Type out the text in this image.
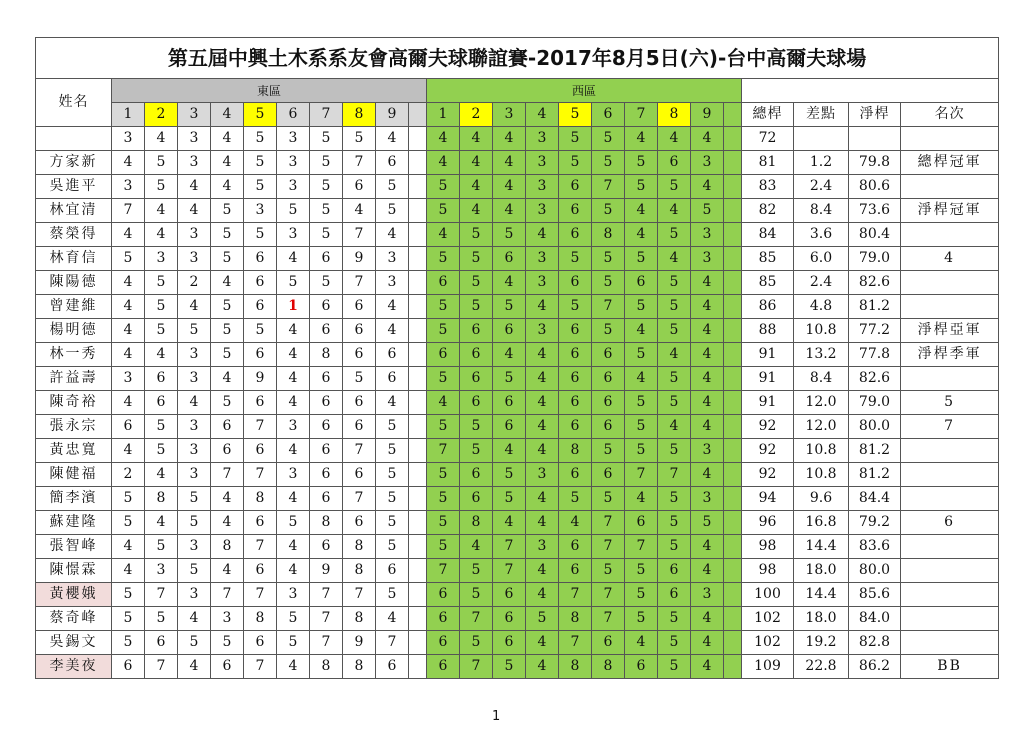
第五屆中興土木系系友會高爾夫球聯誼賽-2017年8月5日(六)-台中高爾夫球場																								
姓名	東區										西區													
	1	2	3	4	5	6	7	8	9		1	2	3	4	5	6	7	8	9		總桿	差點	淨桿	名次
	3	4	3	4	5	3	5	5	4		4	4	4	3	5	5	4	4	4		72			
方家新	4	5	3	4	5	3	5	7	6		4	4	4	3	5	5	5	6	3		81	1.2	79.8	總桿冠軍
吳進平	3	5	4	4	5	3	5	6	5		5	4	4	3	6	7	5	5	4		83	2.4	80.6	
林宜清	7	4	4	5	3	5	5	4	5		5	4	4	3	6	5	4	4	5		82	8.4	73.6	淨桿冠軍
蔡榮得	4	4	3	5	5	3	5	7	4		4	5	5	4	6	8	4	5	3		84	3.6	80.4	
林育信	5	3	3	5	6	4	6	9	3		5	5	6	3	5	5	5	4	3		85	6.0	79.0	4
陳陽德	4	5	2	4	6	5	5	7	3		6	5	4	3	6	5	6	5	4		85	2.4	82.6	
曾建維	4	5	4	5	6	1	6	6	4		5	5	5	4	5	7	5	5	4		86	4.8	81.2	
楊明德	4	5	5	5	5	4	6	6	4		5	6	6	3	6	5	4	5	4		88	10.8	77.2	淨桿亞軍
林一秀	4	4	3	5	6	4	8	6	6		6	6	4	4	6	6	5	4	4		91	13.2	77.8	淨桿季軍
許益壽	3	6	3	4	9	4	6	5	6		5	6	5	4	6	6	4	5	4		91	8.4	82.6	
陳奇裕	4	6	4	5	6	4	6	6	4		4	6	6	4	6	6	5	5	4		91	12.0	79.0	5
張永宗	6	5	3	6	7	3	6	6	5		5	5	6	4	6	6	5	4	4		92	12.0	80.0	7
黃忠寬	4	5	3	6	6	4	6	7	5		7	5	4	4	8	5	5	5	3		92	10.8	81.2	
陳健福	2	4	3	7	7	3	6	6	5		5	6	5	3	6	6	7	7	4		92	10.8	81.2	
簡李濱	5	8	5	4	8	4	6	7	5		5	6	5	4	5	5	4	5	3		94	9.6	84.4	
蘇建隆	5	4	5	4	6	5	8	6	5		5	8	4	4	4	7	6	5	5		96	16.8	79.2	6
張智峰	4	5	3	8	7	4	6	8	5		5	4	7	3	6	7	7	5	4		98	14.4	83.6	
陳憬霖	4	3	5	4	6	4	9	8	6		7	5	7	4	6	5	5	6	4		98	18.0	80.0	
黃櫻娥	5	7	3	7	7	3	7	7	5		6	5	6	4	7	7	5	6	3		100	14.4	85.6	
蔡奇峰	5	5	4	3	8	5	7	8	4		6	7	6	5	8	7	5	5	4		102	18.0	84.0	
吳錫文	5	6	5	5	6	5	7	9	7		6	5	6	4	7	6	4	5	4		102	19.2	82.8	
李美夜	6	7	4	6	7	4	8	8	6		6	7	5	4	8	8	6	5	4		109	22.8	86.2	BB
1
